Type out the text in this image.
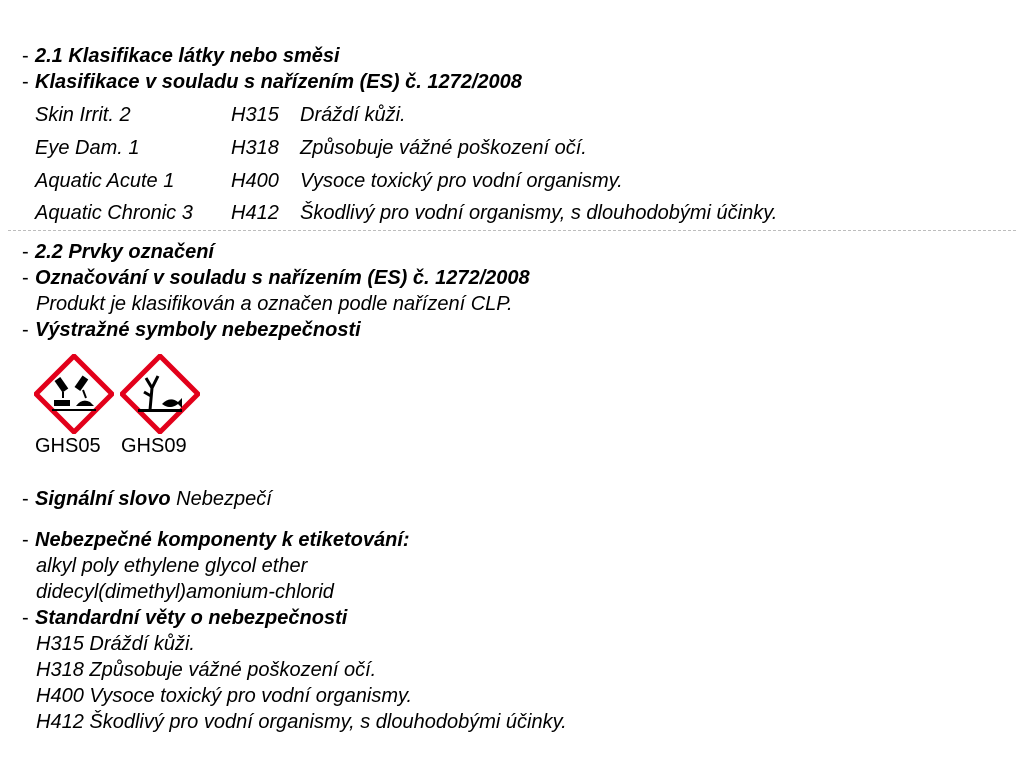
- 2.1 Klasifikace látky nebo směsi
- Klasifikace v souladu s nařízením (ES) č. 1272/2008
Skin Irrit. 2	H315 Dráždí kůži.
Eye Dam. 1	H318 Způsobuje vážné poškození očí.
Aquatic Acute 1	H400 Vysoce toxický pro vodní organismy.
Aquatic Chronic 3 H412 Škodlivý pro vodní organismy, s dlouhodobými účinky.
- 2.2 Prvky označení
- Označování v souladu s nařízením (ES) č. 1272/2008
Produkt je klasifikován a označen podle nařízení CLP.
- Výstražné symboly nebezpečnosti
GHS05 GHS09
- Signální slovo Nebezpečí
- Nebezpečné komponenty k etiketování:
alkyl poly ethylene glycol ether
didecyl(dimethyl)amonium-chlorid
- Standardní věty o nebezpečnosti
H315 Dráždí kůži.
H318 Způsobuje vážné poškození očí.
H400 Vysoce toxický pro vodní organismy.
H412 Škodlivý pro vodní organismy, s dlouhodobými účinky.
